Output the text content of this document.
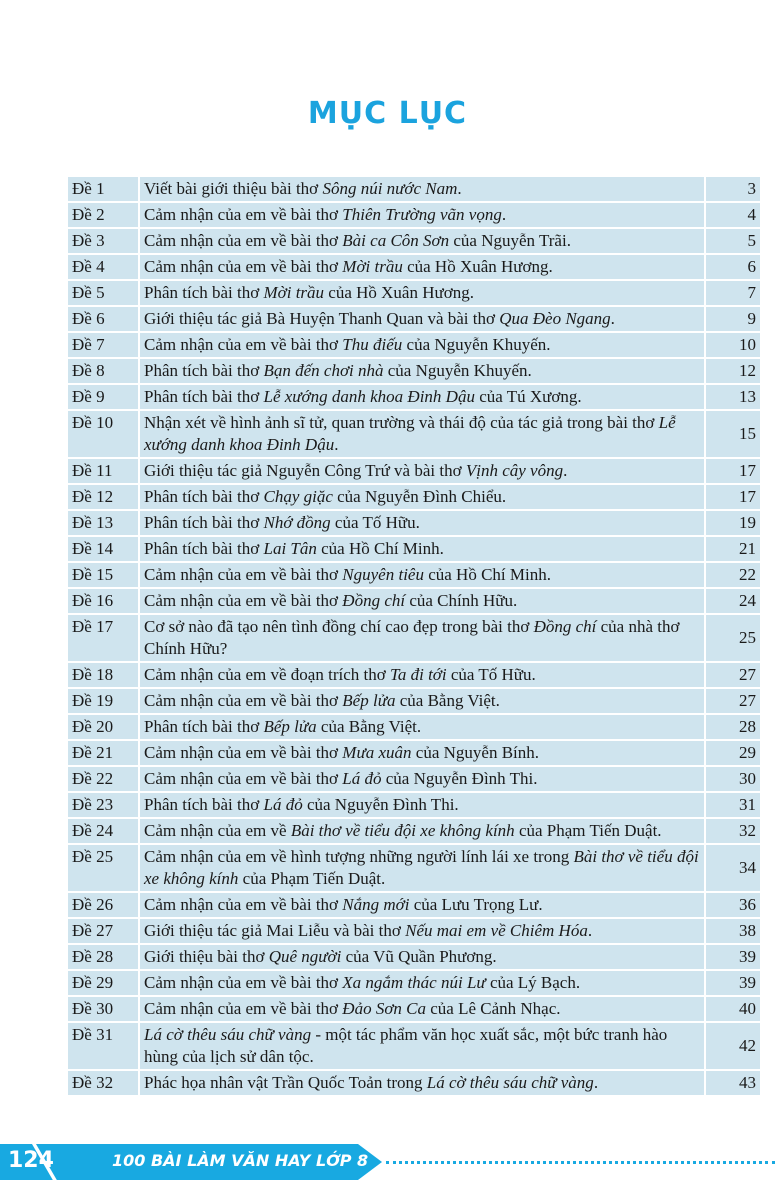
MỤC LỤC
Đề 1	Viết bài giới thiệu bài thơ Sông núi nước Nam.	3
Đề 2	Cảm nhận của em về bài thơ Thiên Trường vãn vọng.	4
Đề 3	Cảm nhận của em về bài thơ Bài ca Côn Sơn của Nguyễn Trãi.	5
Đề 4	Cảm nhận của em về bài thơ Mời trầu của Hồ Xuân Hương.	6
Đề 5	Phân tích bài thơ Mời trầu của Hồ Xuân Hương.	7
Đề 6	Giới thiệu tác giả Bà Huyện Thanh Quan và bài thơ Qua Đèo Ngang.	9
Đề 7	Cảm nhận của em về bài thơ Thu điếu của Nguyễn Khuyến.	10
Đề 8	Phân tích bài thơ Bạn đến chơi nhà của Nguyễn Khuyến.	12
Đề 9	Phân tích bài thơ Lễ xướng danh khoa Đinh Dậu của Tú Xương.	13
Đề 10	Nhận xét về hình ảnh sĩ tử, quan trường và thái độ của tác giả trong bài thơ Lễ xướng danh khoa Đinh Dậu.	15
Đề 11	Giới thiệu tác giả Nguyễn Công Trứ và bài thơ Vịnh cây vông.	17
Đề 12	Phân tích bài thơ Chạy giặc của Nguyễn Đình Chiểu.	17
Đề 13	Phân tích bài thơ Nhớ đồng của Tố Hữu.	19
Đề 14	Phân tích bài thơ Lai Tân của Hồ Chí Minh.	21
Đề 15	Cảm nhận của em về bài thơ Nguyên tiêu của Hồ Chí Minh.	22
Đề 16	Cảm nhận của em về bài thơ Đồng chí của Chính Hữu.	24
Đề 17	Cơ sở nào đã tạo nên tình đồng chí cao đẹp trong bài thơ Đồng chí của nhà thơ Chính Hữu?	25
Đề 18	Cảm nhận của em về đoạn trích thơ Ta đi tới của Tố Hữu.	27
Đề 19	Cảm nhận của em về bài thơ Bếp lửa của Bằng Việt.	27
Đề 20	Phân tích bài thơ Bếp lửa của Bằng Việt.	28
Đề 21	Cảm nhận của em về bài thơ Mưa xuân của Nguyễn Bính.	29
Đề 22	Cảm nhận của em về bài thơ Lá đỏ của Nguyễn Đình Thi.	30
Đề 23	Phân tích bài thơ Lá đỏ của Nguyễn Đình Thi.	31
Đề 24	Cảm nhận của em về Bài thơ về tiểu đội xe không kính của Phạm Tiến Duật.	32
Đề 25	Cảm nhận của em về hình tượng những người lính lái xe trong Bài thơ về tiểu đội xe không kính của Phạm Tiến Duật.	34
Đề 26	Cảm nhận của em về bài thơ Nắng mới của Lưu Trọng Lư.	36
Đề 27	Giới thiệu tác giả Mai Liễu và bài thơ Nếu mai em về Chiêm Hóa.	38
Đề 28	Giới thiệu bài thơ Quê người của Vũ Quần Phương.	39
Đề 29	Cảm nhận của em về bài thơ Xa ngắm thác núi Lư của Lý Bạch.	39
Đề 30	Cảm nhận của em về bài thơ Đảo Sơn Ca của Lê Cảnh Nhạc.	40
Đề 31	Lá cờ thêu sáu chữ vàng - một tác phẩm văn học xuất sắc, một bức tranh hào hùng của lịch sử dân tộc.	42
Đề 32	Phác họa nhân vật Trần Quốc Toản trong Lá cờ thêu sáu chữ vàng.	43
124	100 BÀI LÀM VĂN HAY LỚP 8
